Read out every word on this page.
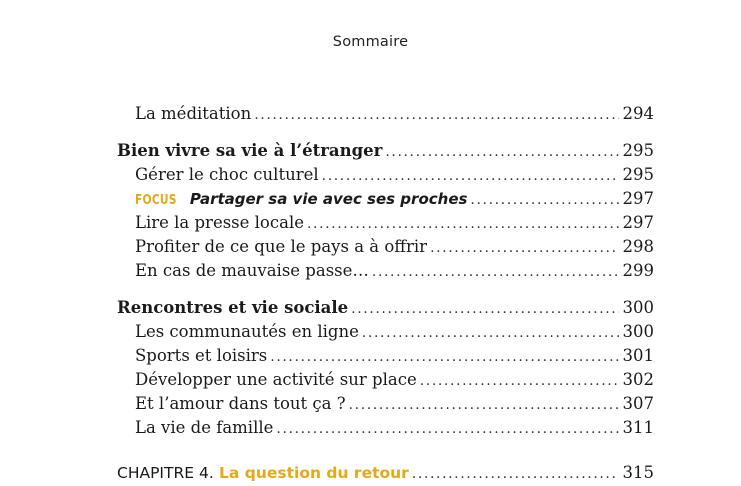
Sommaire
La méditation .....	294
Bien vivre sa vie à l’étranger .....	295
Gérer le choc culturel .....	295
FOCUS Partager sa vie avec ses proches .....	297
Lire la presse locale .....	297
Profiter de ce que le pays a à offrir .....	298
En cas de mauvaise passe… .....	299
Rencontres et vie sociale .....	300
Les communautés en ligne .....	300
Sports et loisirs .....	301
Développer une activité sur place .....	302
Et l’amour dans tout ça ? .....	307
La vie de famille .....	311
CHAPITRE 4. La question du retour .....	315
